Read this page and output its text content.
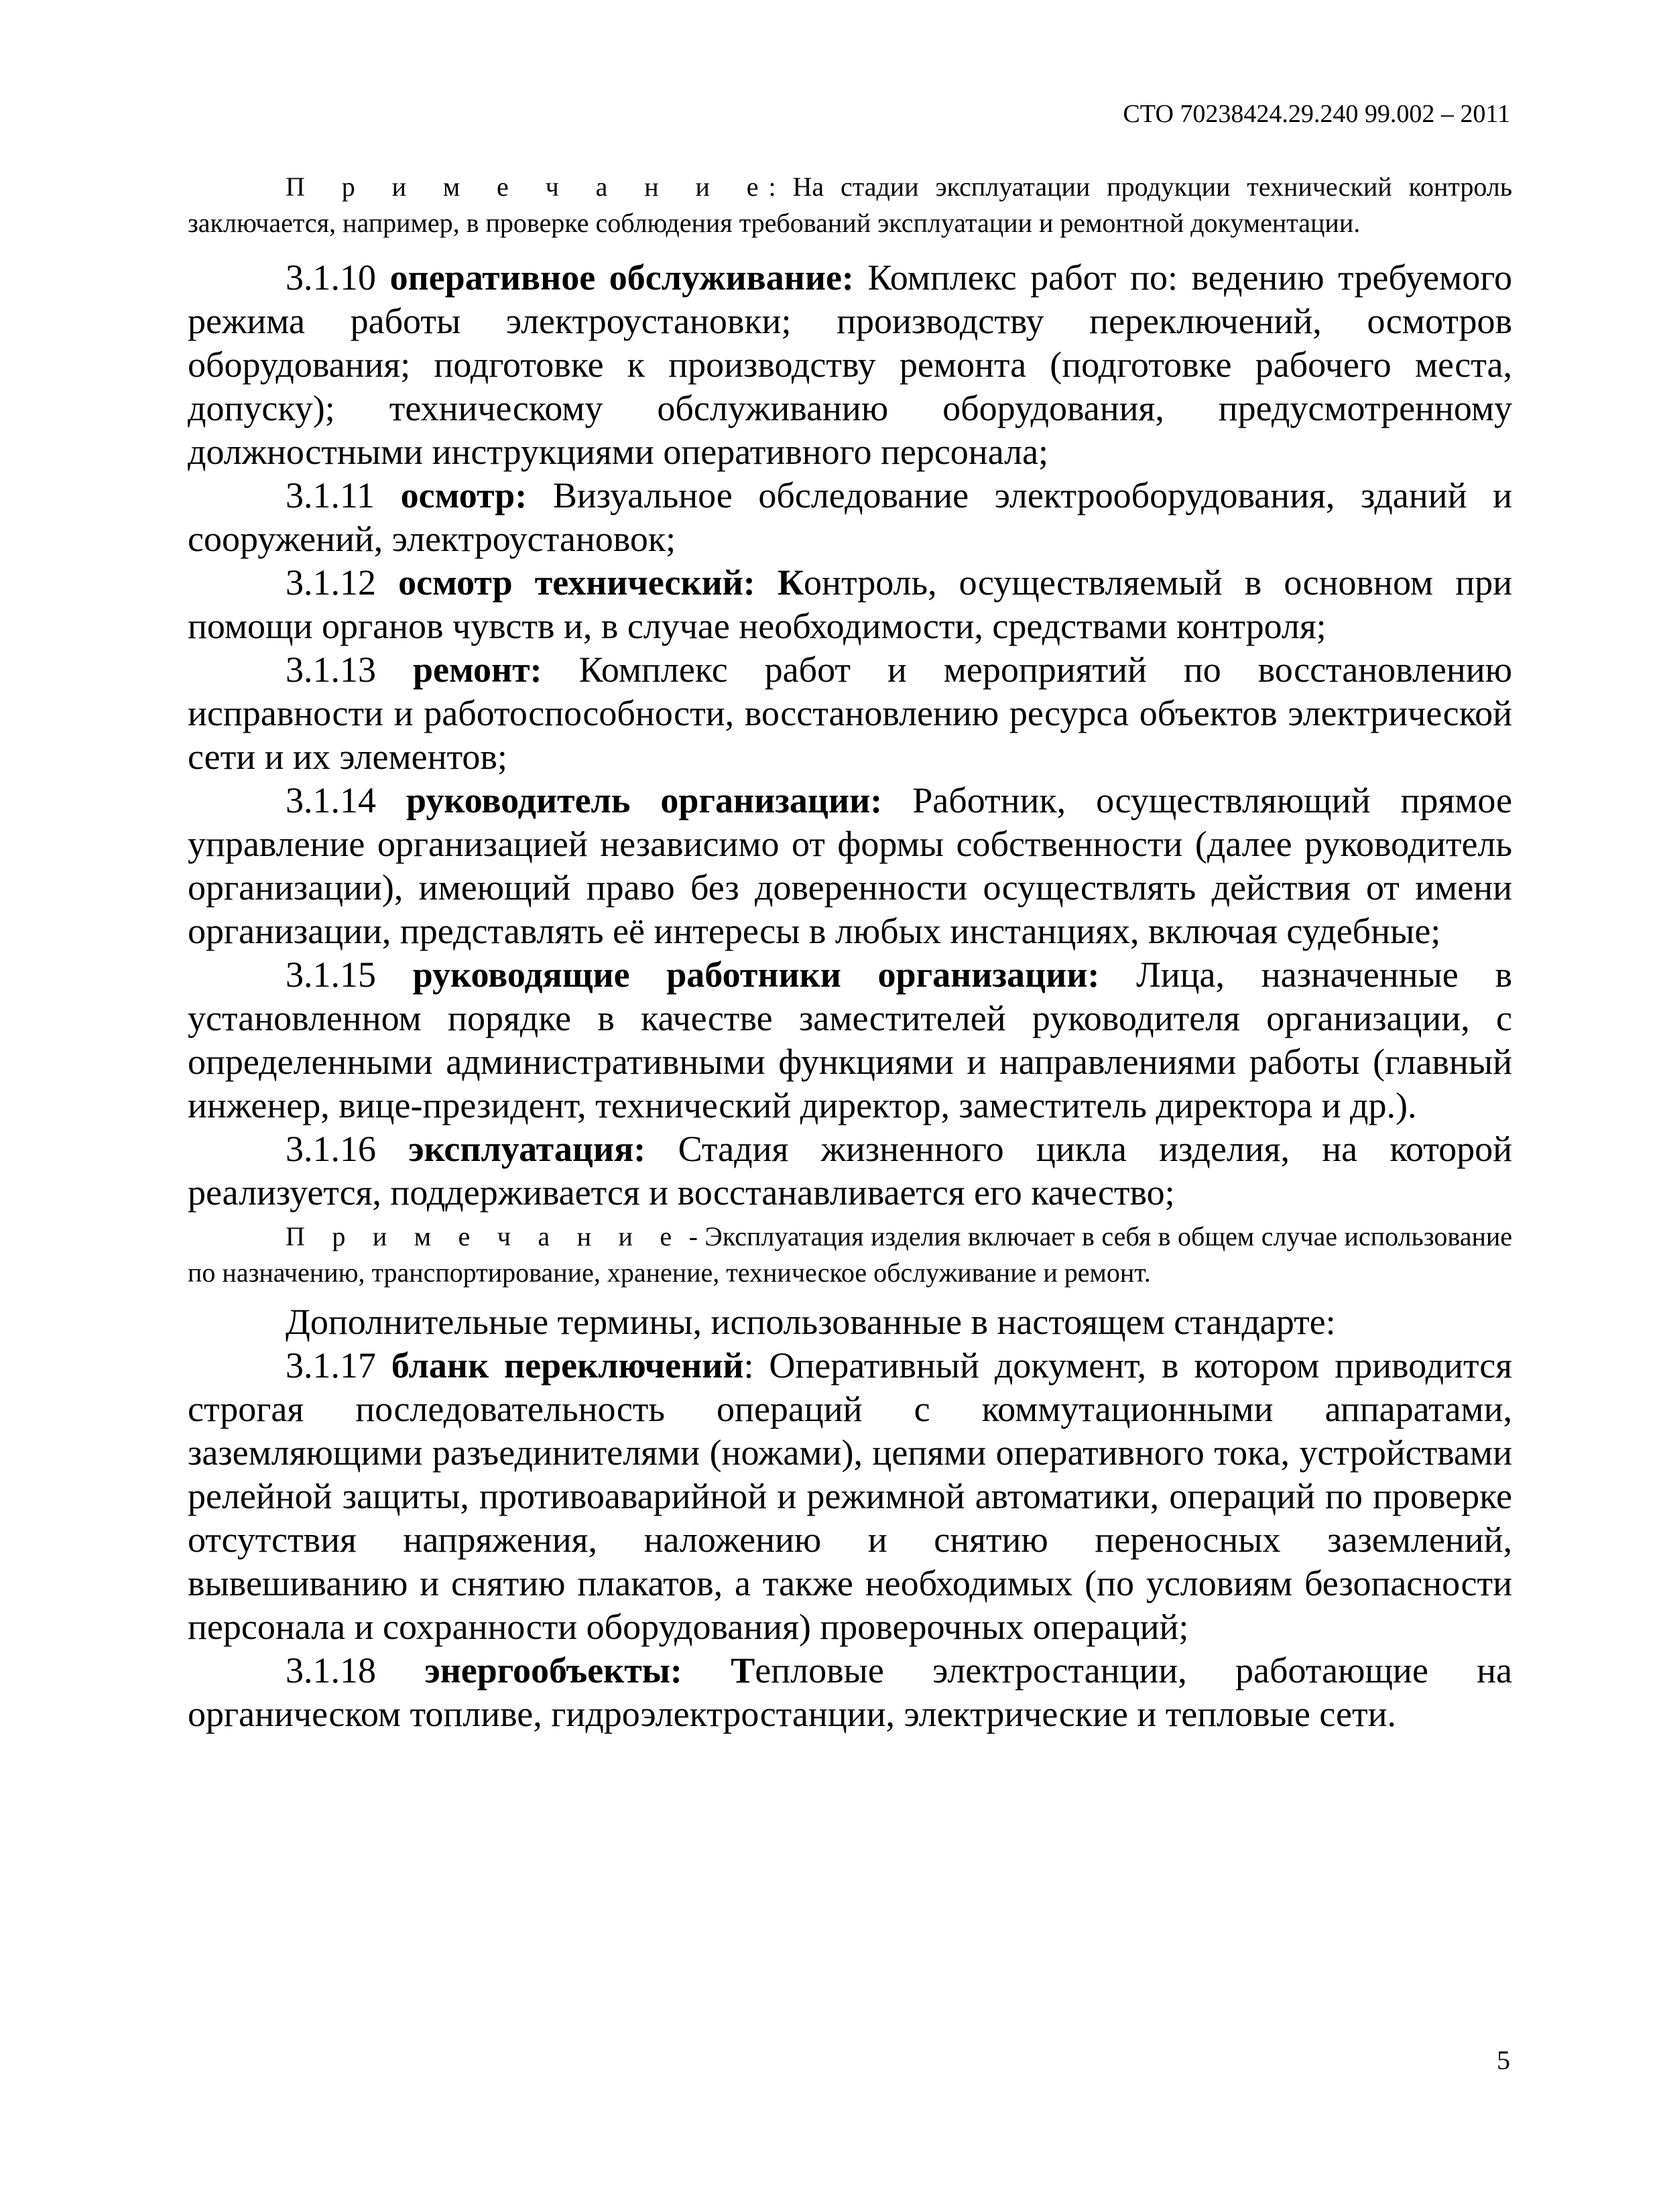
СТО 70238424.29.240 99.002 – 2011

П р и м е ч а н и е: На стадии эксплуатации продукции технический контроль заключается, например, в проверке соблюдения требований эксплуатации и ремонтной документации.

3.1.10 оперативное обслуживание: Комплекс работ по: ведению требуемого режима работы электроустановки; производству переключений, осмотров оборудования; подготовке к производству ремонта (подготовке рабочего места, допуску); техническому обслуживанию оборудования, предусмотренному должностными инструкциями оперативного персонала;

3.1.11 осмотр: Визуальное обследование электрооборудования, зданий и сооружений, электроустановок;

3.1.12 осмотр технический: Контроль, осуществляемый в основном при помощи органов чувств и, в случае необходимости, средствами контроля;

3.1.13 ремонт: Комплекс работ и мероприятий по восстановлению исправности и работоспособности, восстановлению ресурса объектов электрической сети и их элементов;

3.1.14 руководитель организации: Работник, осуществляющий прямое управление организацией независимо от формы собственности (далее руководитель организации), имеющий право без доверенности осуществлять действия от имени организации, представлять её интересы в любых инстанциях, включая судебные;

3.1.15 руководящие работники организации: Лица, назначенные в установленном порядке в качестве заместителей руководителя организации, с определенными административными функциями и направлениями работы (главный инженер, вице-президент, технический директор, заместитель директора и др.).

3.1.16 эксплуатация: Стадия жизненного цикла изделия, на которой реализуется, поддерживается и восстанавливается его качество;

П р и м е ч а н и е - Эксплуатация изделия включает в себя в общем случае использование по назначению, транспортирование, хранение, техническое обслуживание и ремонт.

Дополнительные термины, использованные в настоящем стандарте:

3.1.17 бланк переключений: Оперативный документ, в котором приводится строгая последовательность операций с коммутационными аппаратами, заземляющими разъединителями (ножами), цепями оперативного тока, устройствами релейной защиты, противоаварийной и режимной автоматики, операций по проверке отсутствия напряжения, наложению и снятию переносных заземлений, вывешиванию и снятию плакатов, а также необходимых (по условиям безопасности персонала и сохранности оборудования) проверочных операций;

3.1.18 энергообъекты: Тепловые электростанции, работающие на органическом топливе, гидроэлектростанции, электрические и тепловые сети.

5
